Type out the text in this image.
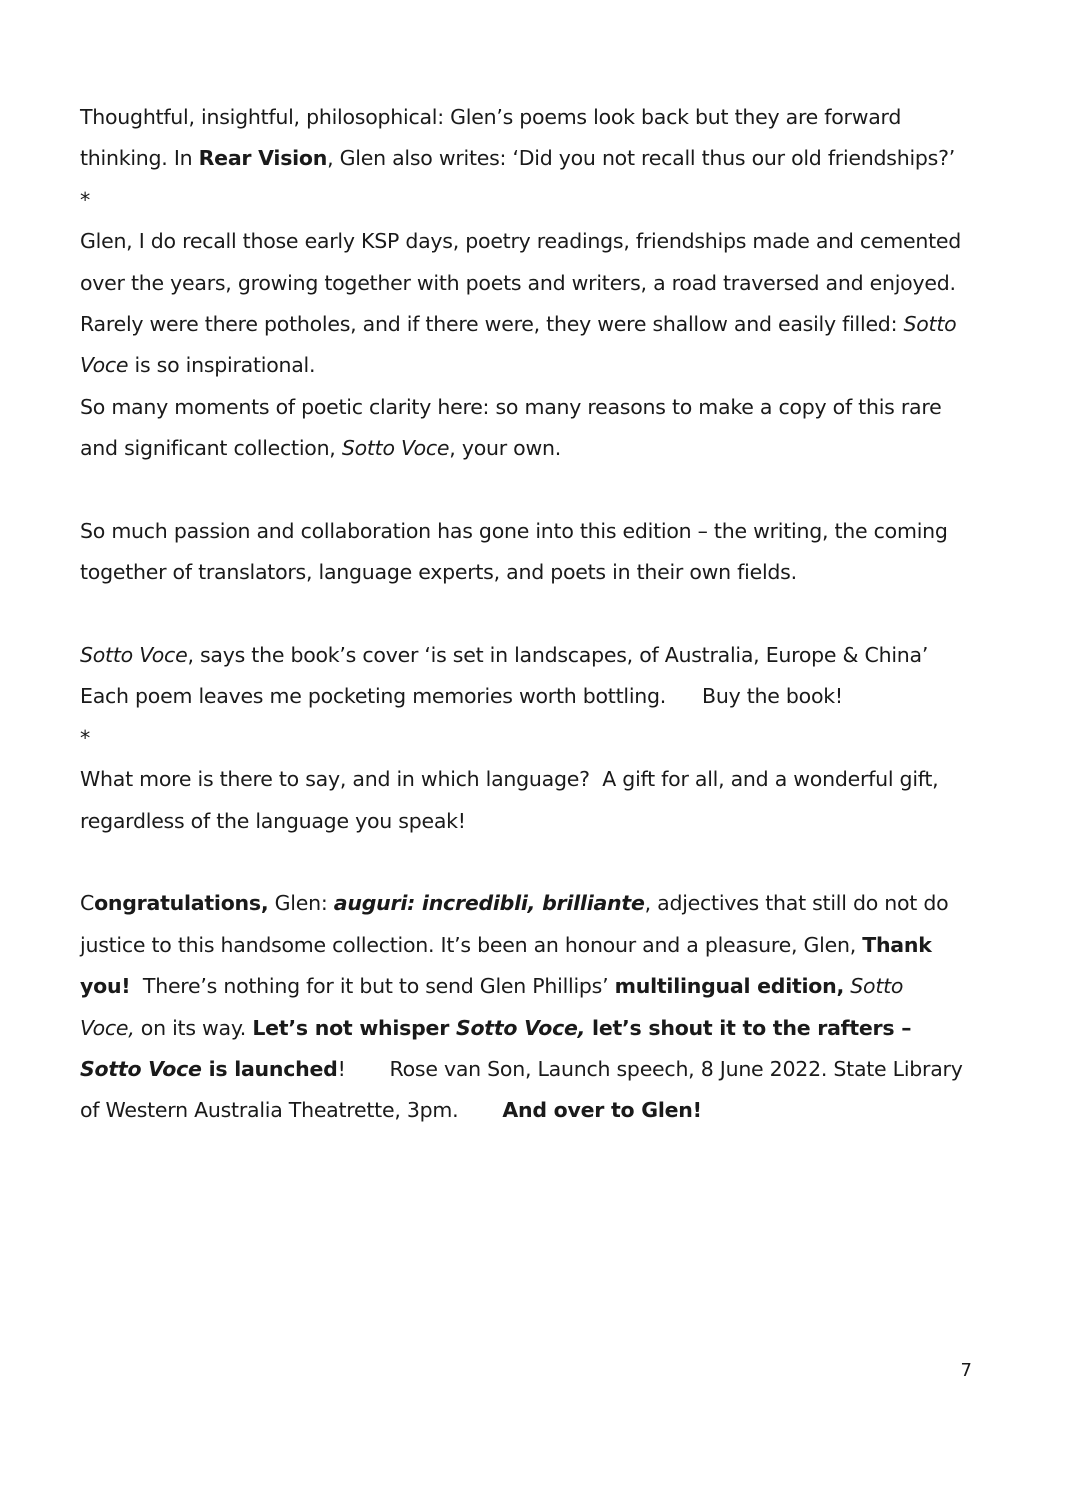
Thoughtful, insightful, philosophical: Glen’s poems look back but they are forward
thinking. In Rear Vision, Glen also writes: ‘Did you not recall thus our old friendships?’
*
Glen, I do recall those early KSP days, poetry readings, friendships made and cemented
over the years, growing together with poets and writers, a road traversed and enjoyed.
Rarely were there potholes, and if there were, they were shallow and easily filled: Sotto
Voce is so inspirational.
So many moments of poetic clarity here: so many reasons to make a copy of this rare
and significant collection, Sotto Voce, your own.
So much passion and collaboration has gone into this edition – the writing, the coming
together of translators, language experts, and poets in their own fields.
Sotto Voce, says the book’s cover ‘is set in landscapes, of Australia, Europe & China’
Each poem leaves me pocketing memories worth bottling. Buy the book!
*
What more is there to say, and in which language?  A gift for all, and a wonderful gift,
regardless of the language you speak!
Congratulations, Glen: auguri: incredibli, brilliante, adjectives that still do not do
justice to this handsome collection. It’s been an honour and a pleasure, Glen, Thank
you!  There’s nothing for it but to send Glen Phillips’ multilingual edition, Sotto
Voce, on its way. Let’s not whisper Sotto Voce, let’s shout it to the rafters –
Sotto Voce is launched! Rose van Son, Launch speech, 8 June 2022. State Library
of Western Australia Theatrette, 3pm. And over to Glen!
7
